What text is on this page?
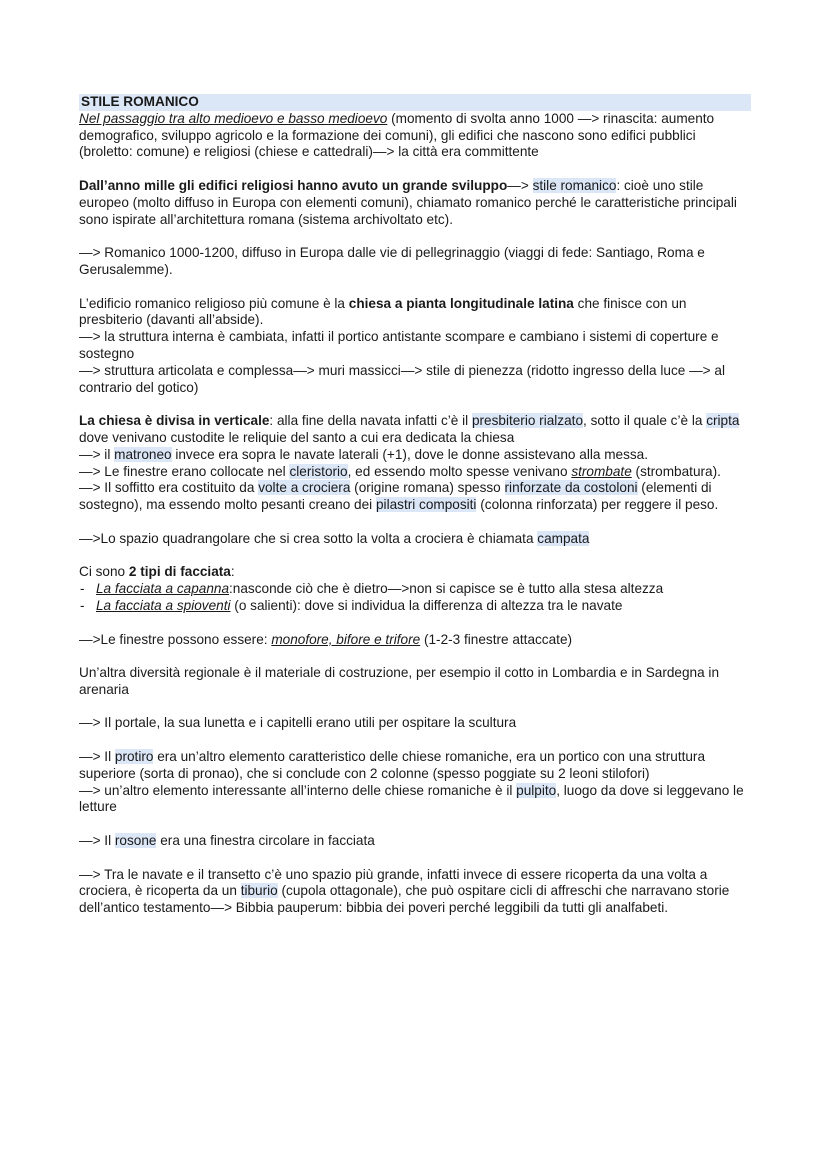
STILE ROMANICO

Nel passaggio tra alto medioevo e basso medioevo (momento di svolta anno 1000 —> rinascita: aumento demografico, sviluppo agricolo e la formazione dei comuni), gli edifici che nascono sono edifici pubblici (broletto: comune) e religiosi (chiese e cattedrali)—> la città era committente

Dall’anno mille gli edifici religiosi hanno avuto un grande sviluppo—> stile romanico: cioè uno stile europeo (molto diffuso in Europa con elementi comuni), chiamato romanico perché le caratteristiche principali sono ispirate all’architettura romana (sistema archivoltato etc).

—> Romanico 1000-1200, diffuso in Europa dalle vie di pellegrinaggio (viaggi di fede: Santiago, Roma e Gerusalemme).

L’edificio romanico religioso più comune è la chiesa a pianta longitudinale latina che finisce con un presbiterio (davanti all’abside).
—> la struttura interna è cambiata, infatti il portico antistante scompare e cambiano i sistemi di coperture e sostegno
—> struttura articolata e complessa—> muri massicci—> stile di pienezza (ridotto ingresso della luce —> al contrario del gotico)

La chiesa è divisa in verticale: alla fine della navata infatti c’è il presbiterio rialzato, sotto il quale c’è la cripta dove venivano custodite le reliquie del santo a cui era dedicata la chiesa
—> il matroneo invece era sopra le navate laterali (+1), dove le donne assistevano alla messa.
—> Le finestre erano collocate nel cleristorio, ed essendo molto spesse venivano strombate (strombatura).
—> Il soffitto era costituito da volte a crociera (origine romana) spesso rinforzate da costoloni (elementi di sostegno), ma essendo molto pesanti creano dei pilastri compositi (colonna rinforzata) per reggere il peso.

—>Lo spazio quadrangolare che si crea sotto la volta a crociera è chiamata campata

Ci sono 2 tipi di facciata:

- La facciata a capanna:nasconde ciò che è dietro—>non si capisce se è tutto alla stesa altezza
- La facciata a spioventi (o salienti): dove si individua la differenza di altezza tra le navate

—>Le finestre possono essere: monofore, bifore e trifore (1-2-3 finestre attaccate)

Un’altra diversità regionale è il materiale di costruzione, per esempio il cotto in Lombardia e in Sardegna in arenaria

—> Il portale, la sua lunetta e i capitelli erano utili per ospitare la scultura

—> Il protiro era un’altro elemento caratteristico delle chiese romaniche, era un portico con una struttura superiore (sorta di pronao), che si conclude con 2 colonne (spesso poggiate su 2 leoni stilofori)
—> un’altro elemento interessante all’interno delle chiese romaniche è il pulpito, luogo da dove si leggevano le letture

—> Il rosone era una finestra circolare in facciata

—> Tra le navate e il transetto c’è uno spazio più grande, infatti invece di essere ricoperta da una volta a crociera, è ricoperta da un tiburio (cupola ottagonale), che può ospitare cicli di affreschi che narravano storie dell’antico testamento—> Bibbia pauperum: bibbia dei poveri perché leggibili da tutti gli analfabeti.
